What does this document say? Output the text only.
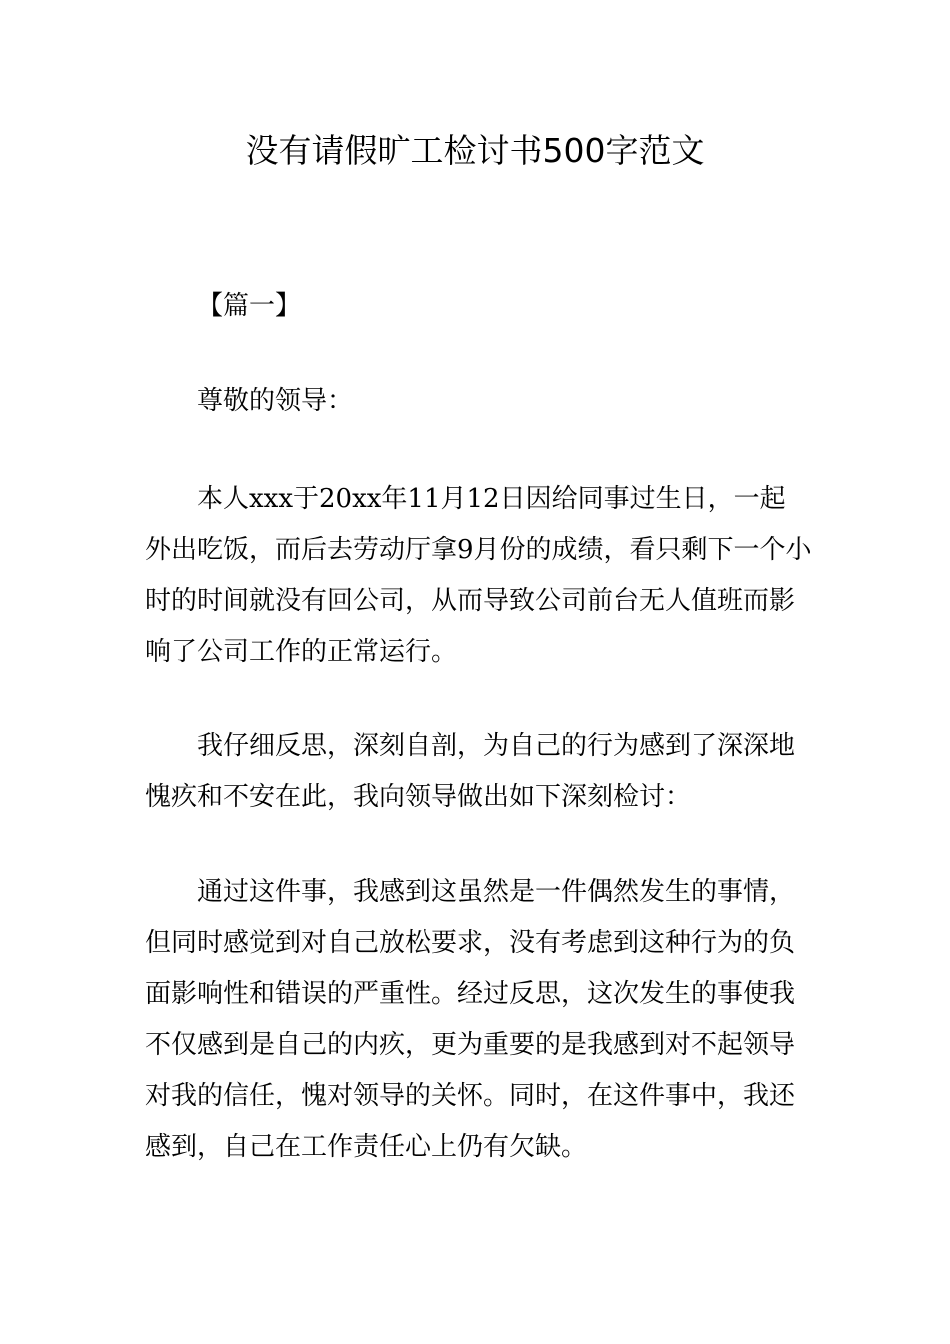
没有请假旷工检讨书500字范文

【篇一】

尊敬的领导：

本人xxx于20xx年11月12日因给同事过生日，一起
外出吃饭，而后去劳动厅拿9月份的成绩，看只剩下一个小
时的时间就没有回公司，从而导致公司前台无人值班而影
响了公司工作的正常运行。

我仔细反思，深刻自剖，为自己的行为感到了深深地
愧疚和不安在此，我向领导做出如下深刻检讨：

通过这件事，我感到这虽然是一件偶然发生的事情，
但同时感觉到对自己放松要求，没有考虑到这种行为的负
面影响性和错误的严重性。经过反思，这次发生的事使我
不仅感到是自己的内疚，更为重要的是我感到对不起领导
对我的信任，愧对领导的关怀。同时，在这件事中，我还
感到，自己在工作责任心上仍有欠缺。
